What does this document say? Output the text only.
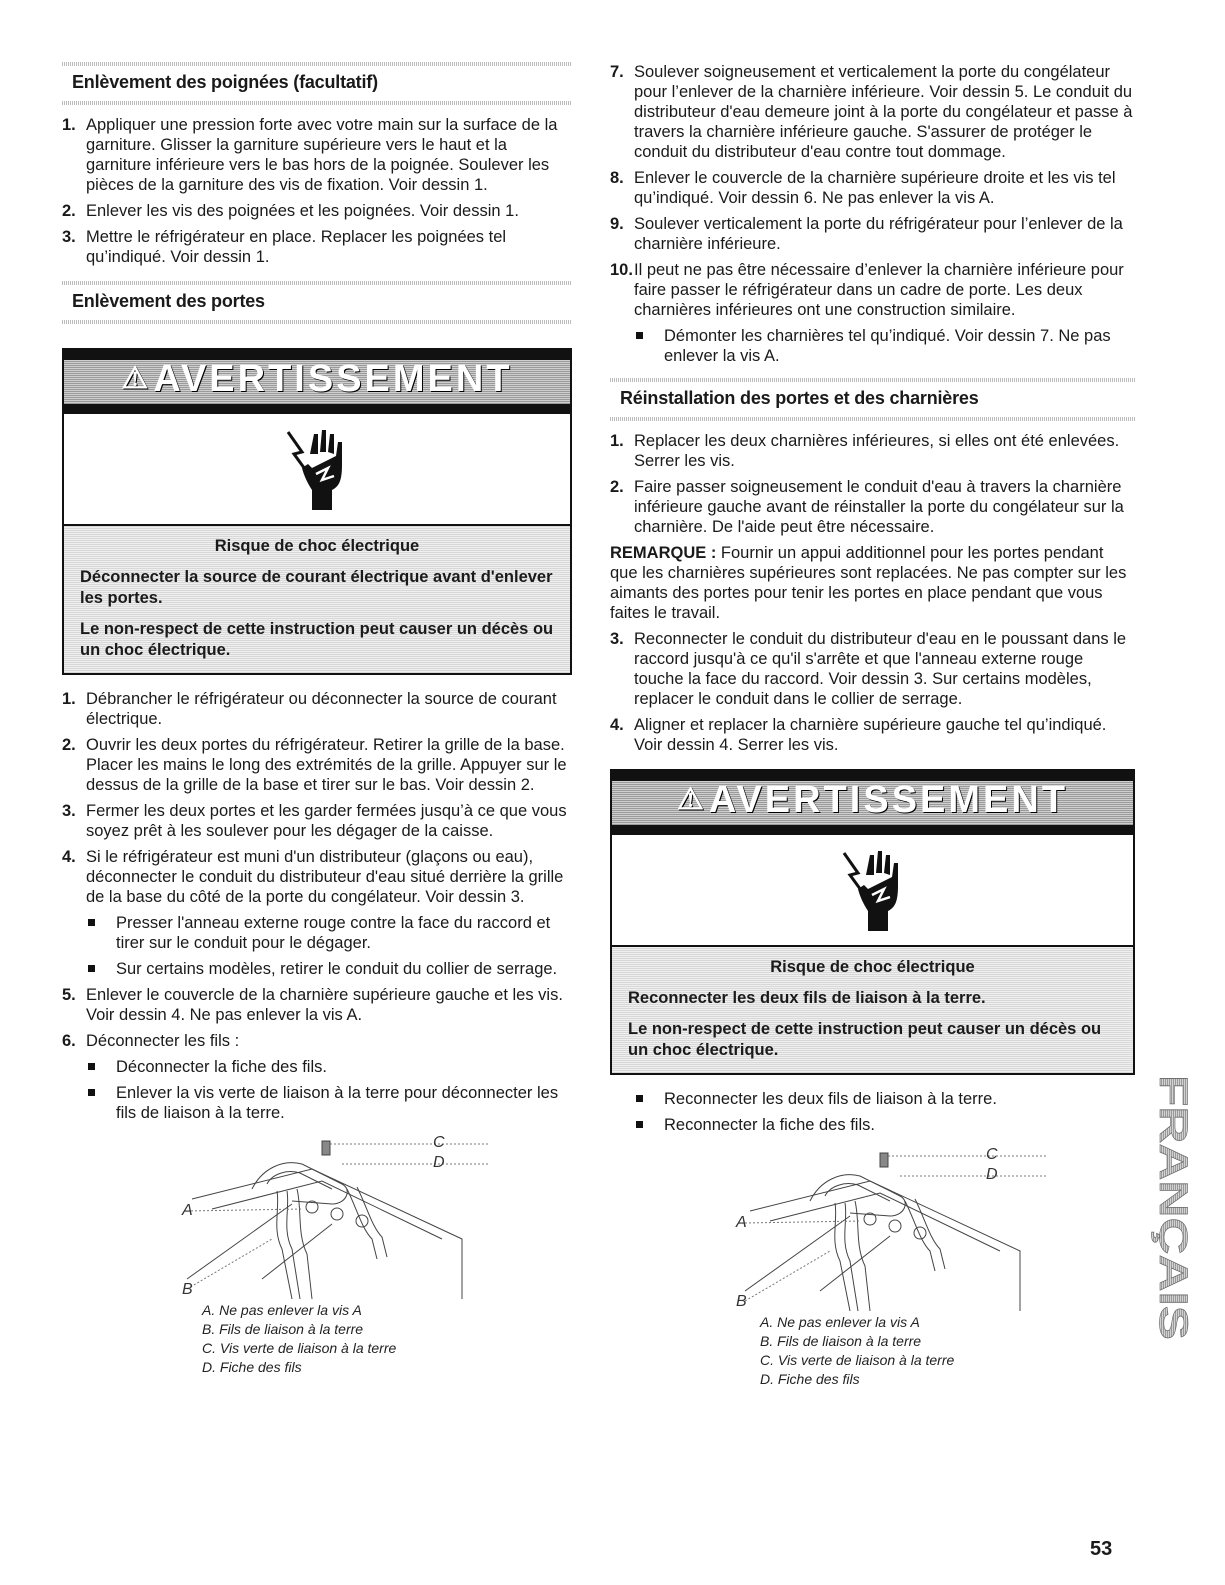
Enlèvement des poignées (facultatif)
1. Appliquer une pression forte avec votre main sur la surface de la garniture. Glisser la garniture supérieure vers le haut et la garniture inférieure vers le bas hors de la poignée. Soulever les pièces de la garniture des vis de fixation. Voir dessin 1.
2. Enlever les vis des poignées et les poignées. Voir dessin 1.
3. Mettre le réfrigérateur en place. Replacer les poignées tel qu’indiqué. Voir dessin 1.
Enlèvement des portes
⚠AVERTISSEMENT

Risque de choc électrique

Déconnecter la source de courant électrique avant d'enlever les portes.

Le non-respect de cette instruction peut causer un décès ou un choc électrique.

1. Débrancher le réfrigérateur ou déconnecter la source de courant électrique.
2. Ouvrir les deux portes du réfrigérateur. Retirer la grille de la base. Placer les mains le long des extrémités de la grille. Appuyer sur le dessus de la grille de la base et tirer sur le bas. Voir dessin 2.
3. Fermer les deux portes et les garder fermées jusqu’à ce que vous soyez prêt à les soulever pour les dégager de la caisse.
4. Si le réfrigérateur est muni d'un distributeur (glaçons ou eau), déconnecter le conduit du distributeur d'eau situé derrière la grille de la base du côté de la porte du congélateur. Voir dessin 3.
Presser l'anneau externe rouge contre la face du raccord et tirer sur le conduit pour le dégager.
Sur certains modèles, retirer le conduit du collier de serrage.
5. Enlever le couvercle de la charnière supérieure gauche et les vis. Voir dessin 4. Ne pas enlever la vis A.
6. Déconnecter les fils :
Déconnecter la fiche des fils.
Enlever la vis verte de liaison à la terre pour déconnecter les fils de liaison à la terre.
A
B
C
D
A. Ne pas enlever la vis A
B. Fils de liaison à la terre
C. Vis verte de liaison à la terre
D. Fiche des fils
7. Soulever soigneusement et verticalement la porte du congélateur pour l’enlever de la charnière inférieure. Voir dessin 5. Le conduit du distributeur d'eau demeure joint à la porte du congélateur et passe à travers la charnière inférieure gauche. S'assurer de protéger le conduit du distributeur d'eau contre tout dommage.
8. Enlever le couvercle de la charnière supérieure droite et les vis tel qu’indiqué. Voir dessin 6. Ne pas enlever la vis A.
9. Soulever verticalement la porte du réfrigérateur pour l’enlever de la charnière inférieure.
10. Il peut ne pas être nécessaire d’enlever la charnière inférieure pour faire passer le réfrigérateur dans un cadre de porte. Les deux charnières inférieures ont une construction similaire.
Démonter les charnières tel qu’indiqué. Voir dessin 7. Ne pas enlever la vis A.
Réinstallation des portes et des charnières
1. Replacer les deux charnières inférieures, si elles ont été enlevées. Serrer les vis.
2. Faire passer soigneusement le conduit d'eau à travers la charnière inférieure gauche avant de réinstaller la porte du congélateur sur la charnière. De l'aide peut être nécessaire.

REMARQUE : Fournir un appui additionnel pour les portes pendant que les charnières supérieures sont replacées. Ne pas compter sur les aimants des portes pour tenir les portes en place pendant que vous faites le travail.

3. Reconnecter le conduit du distributeur d'eau en le poussant dans le raccord jusqu'à ce qu'il s'arrête et que l'anneau externe rouge touche la face du raccord. Voir dessin 3. Sur certains modèles, replacer le conduit dans le collier de serrage.
4. Aligner et replacer la charnière supérieure gauche tel qu’indiqué. Voir dessin 4. Serrer les vis.
⚠AVERTISSEMENT

Risque de choc électrique

Reconnecter les deux fils de liaison à la terre.

Le non-respect de cette instruction peut causer un décès ou un choc électrique.

Reconnecter les deux fils de liaison à la terre.
Reconnecter la fiche des fils.
A
B
C
D
A. Ne pas enlever la vis A
B. Fils de liaison à la terre
C. Vis verte de liaison à la terre
D. Fiche des fils
FRANÇAIS
53
